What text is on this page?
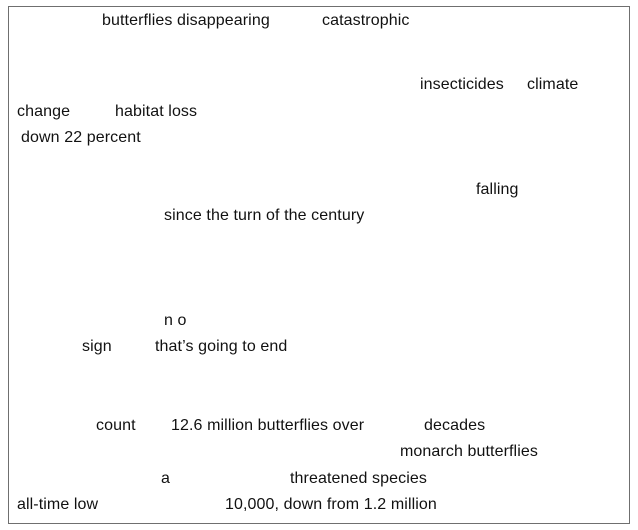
butterflies disappearing	catastrophic
insecticides climate
change	habitat loss
down 22 percent
falling
since the turn of the century
n o
sign	that’s going to end
count 12.6 million butterflies over	decades
monarch butterflies
a	threatened species
all-time low	10,000, down from 1.2 million
